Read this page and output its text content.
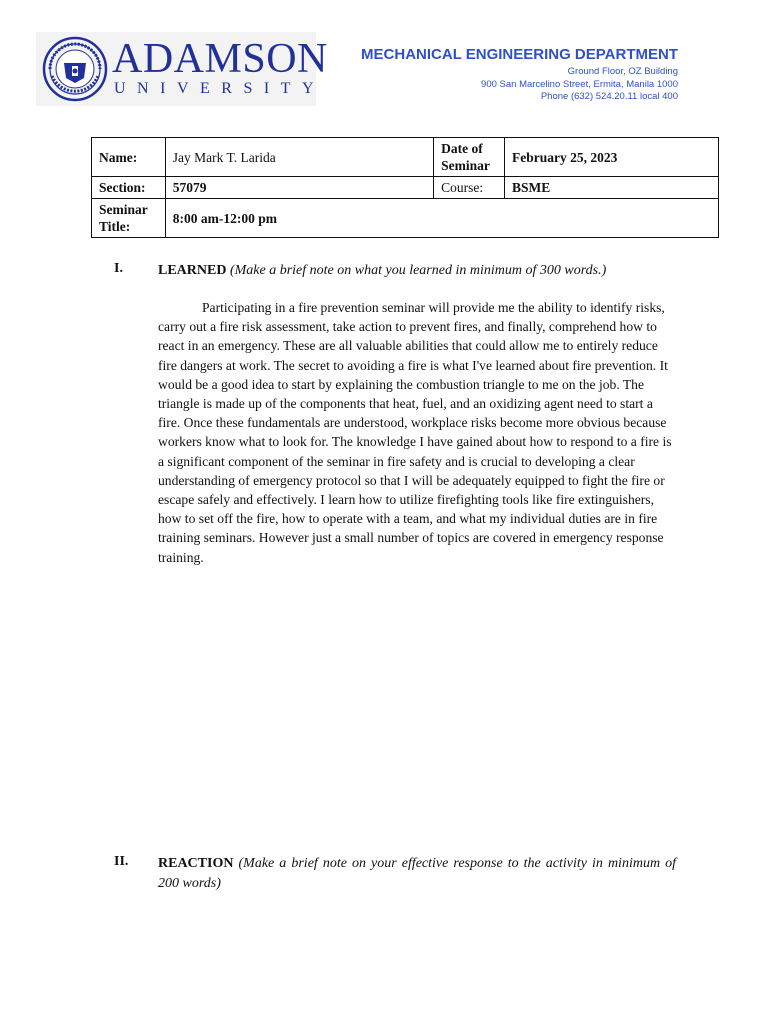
ADAMSON
UNIVERSITY
MECHANICAL ENGINEERING DEPARTMENT
Ground Floor, OZ Building
900 San Marcelino Street, Ermita, Manila 1000
Phone (632) 524.20.11 local 400
Name:	Jay Mark T. Larida	Date of Seminar	February 25, 2023
Section:	57079	Course:	BSME
Seminar Title:	8:00 am-12:00 pm		
I.	LEARNED (Make a brief note on what you learned in minimum of 300 words.)
Participating in a fire prevention seminar will provide me the ability to identify risks, carry out a fire risk assessment, take action to prevent fires, and finally, comprehend how to react in an emergency. These are all valuable abilities that could allow me to entirely reduce fire dangers at work. The secret to avoiding a fire is what I've learned about fire prevention. It would be a good idea to start by explaining the combustion triangle to me on the job. The triangle is made up of the components that heat, fuel, and an oxidizing agent need to start a fire. Once these fundamentals are understood, workplace risks become more obvious because workers know what to look for. The knowledge I have gained about how to respond to a fire is a significant component of the seminar in fire safety and is crucial to developing a clear understanding of emergency protocol so that I will be adequately equipped to fight the fire or escape safely and effectively. I learn how to utilize firefighting tools like fire extinguishers, how to set off the fire, how to operate with a team, and what my individual duties are in fire training seminars. However just a small number of topics are covered in emergency response training.
II. REACTION (Make a brief note on your effective response to the activity in minimum of 200 words)
